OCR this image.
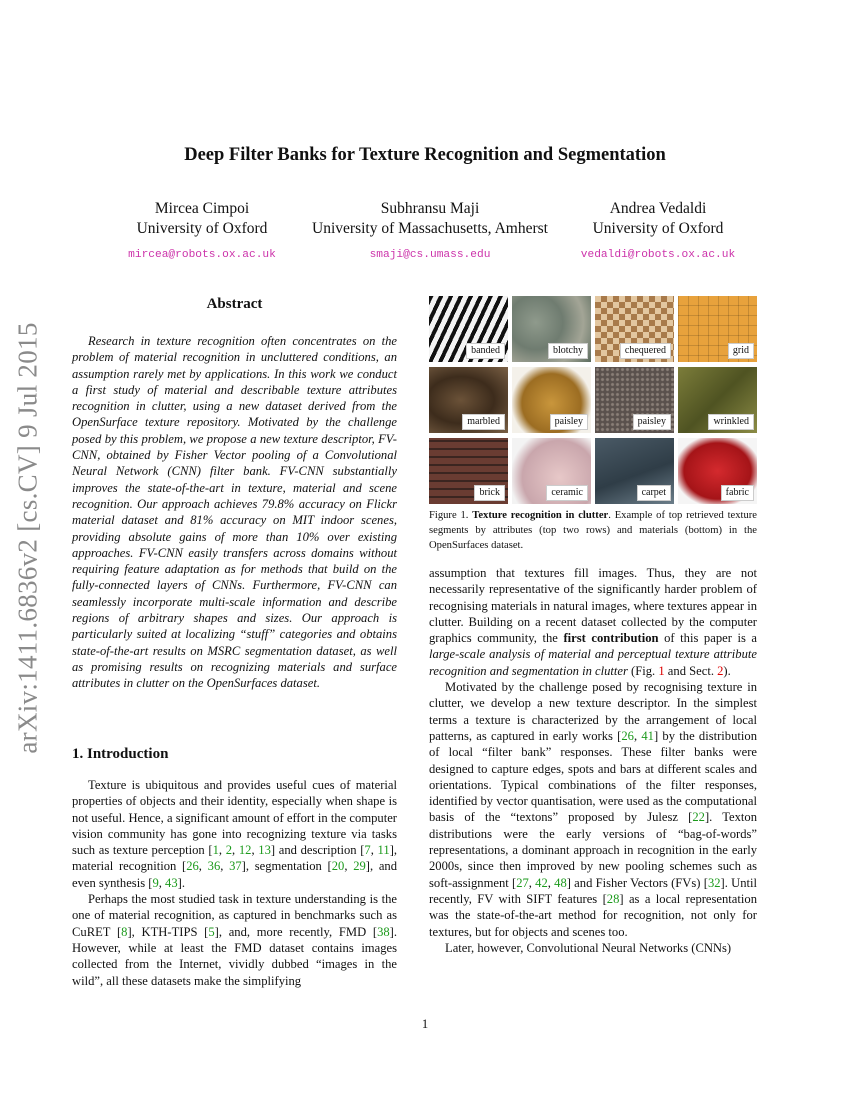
arXiv:1411.6836v2 [cs.CV] 9 Jul 2015
Deep Filter Banks for Texture Recognition and Segmentation
Mircea Cimpoi
University of Oxford
mircea@robots.ox.ac.uk
Subhransu Maji
University of Massachusetts, Amherst
smaji@cs.umass.edu
Andrea Vedaldi
University of Oxford
vedaldi@robots.ox.ac.uk
Abstract

Research in texture recognition often concentrates on the problem of material recognition in uncluttered conditions, an assumption rarely met by applications. In this work we conduct a first study of material and describable texture attributes recognition in clutter, using a new dataset derived from the OpenSurface texture repository. Motivated by the challenge posed by this problem, we propose a new texture descriptor, FV-CNN, obtained by Fisher Vector pooling of a Convolutional Neural Network (CNN) filter bank. FV-CNN substantially improves the state-of-the-art in texture, material and scene recognition. Our approach achieves 79.8% accuracy on Flickr material dataset and 81% accuracy on MIT indoor scenes, providing absolute gains of more than 10% over existing approaches. FV-CNN easily transfers across domains without requiring feature adaptation as for methods that build on the fully-connected layers of CNNs. Furthermore, FV-CNN can seamlessly incorporate multi-scale information and describe regions of arbitrary shapes and sizes. Our approach is particularly suited at localizing “stuff” categories and obtains state-of-the-art results on MSRC segmentation dataset, as well as promising results on recognizing materials and surface attributes in clutter on the OpenSurfaces dataset.

1. Introduction

Texture is ubiquitous and provides useful cues of material properties of objects and their identity, especially when shape is not useful. Hence, a significant amount of effort in the computer vision community has gone into recognizing texture via tasks such as texture perception [1, 2, 12, 13] and description [7, 11], material recognition [26, 36, 37], segmentation [20, 29], and even synthesis [9, 43].

Perhaps the most studied task in texture understanding is the one of material recognition, as captured in benchmarks such as CuRET [8], KTH-TIPS [5], and, more recently, FMD [38]. However, while at least the FMD dataset contains images collected from the Internet, vividly dubbed “images in the wild”, all these datasets make the simplifying

banded	blotchy	chequered	grid
marbled	paisley	paisley	wrinkled
brick	ceramic	carpet	fabric
Figure 1. Texture recognition in clutter. Example of top retrieved texture segments by attributes (top two rows) and materials (bottom) in the OpenSurfaces dataset.

assumption that textures fill images. Thus, they are not necessarily representative of the significantly harder problem of recognising materials in natural images, where textures appear in clutter. Building on a recent dataset collected by the computer graphics community, the first contribution of this paper is a large-scale analysis of material and perceptual texture attribute recognition and segmentation in clutter (Fig. 1 and Sect. 2).

Motivated by the challenge posed by recognising texture in clutter, we develop a new texture descriptor. In the simplest terms a texture is characterized by the arrangement of local patterns, as captured in early works [26, 41] by the distribution of local “filter bank” responses. These filter banks were designed to capture edges, spots and bars at different scales and orientations. Typical combinations of the filter responses, identified by vector quantisation, were used as the computational basis of the “textons” proposed by Julesz [22]. Texton distributions were the early versions of “bag-of-words” representations, a dominant approach in recognition in the early 2000s, since then improved by new pooling schemes such as soft-assignment [27, 42, 48] and Fisher Vectors (FVs) [32]. Until recently, FV with SIFT features [28] as a local representation was the state-of-the-art method for recognition, not only for textures, but for objects and scenes too.

Later, however, Convolutional Neural Networks (CNNs)

1
